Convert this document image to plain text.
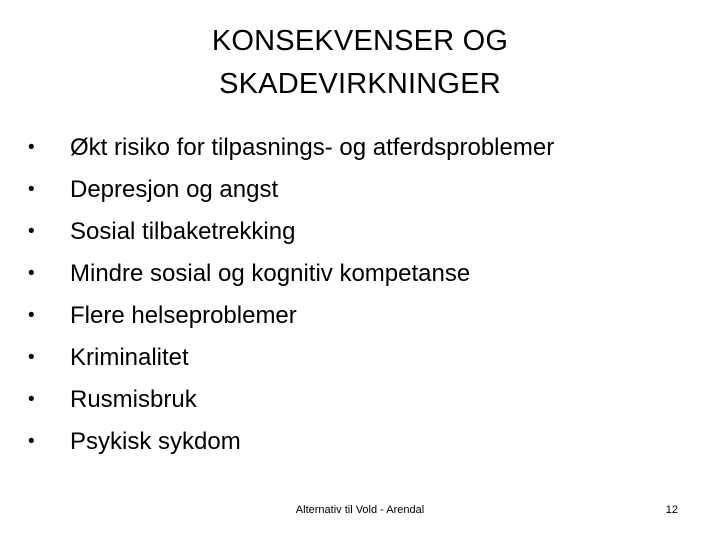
KONSEKVENSER OG
SKADEVIRKNINGER
•	Økt risiko for tilpasnings- og atferdsproblemer
•	Depresjon og angst
•	Sosial tilbaketrekking
•	Mindre sosial og kognitiv kompetanse
•	Flere helseproblemer
•	Kriminalitet
•	Rusmisbruk
•	Psykisk sykdom
Alternativ til Vold - Arendal	12
